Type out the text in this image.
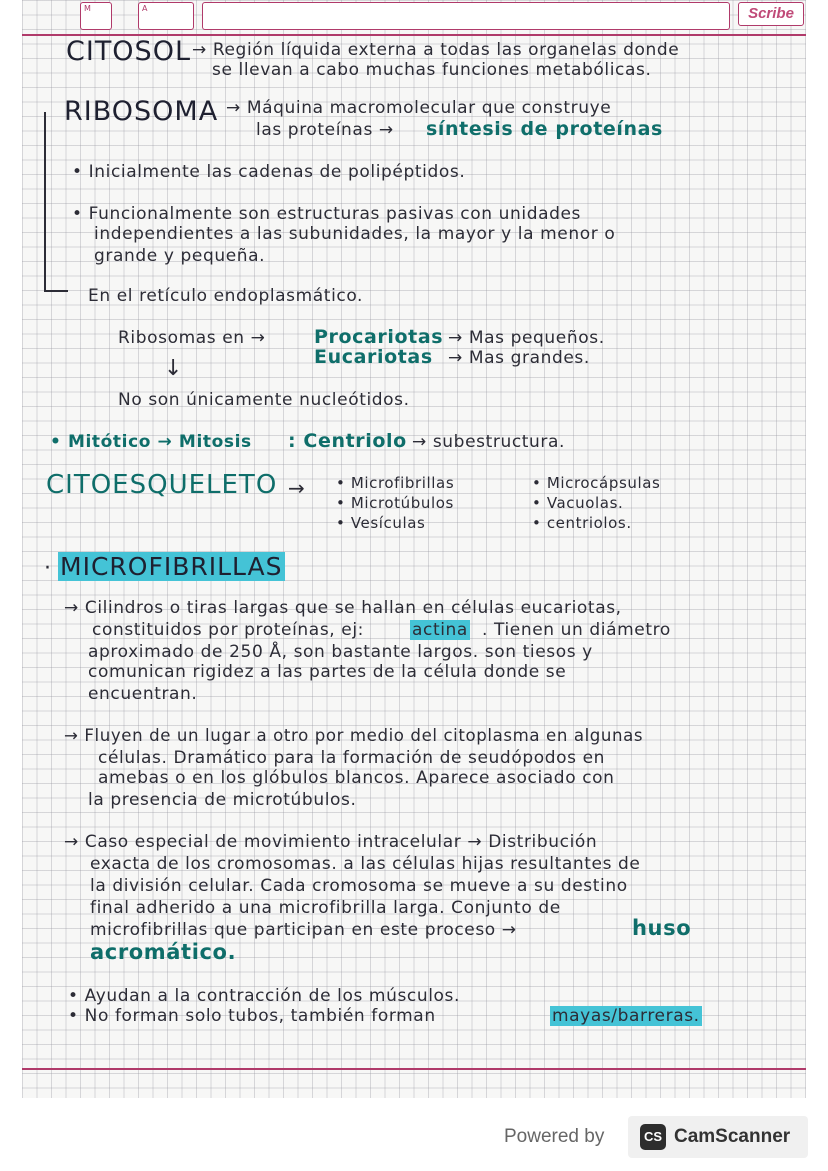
M	A	Scribe
CITOSOL → Región líquida externa a todas las organelas donde
se llevan a cabo muchas funciones metabólicas.
RIBOSOMA → Máquina macromolecular que construye
las proteínas → síntesis de proteínas
• Inicialmente las cadenas de polipéptidos.
• Funcionalmente son estructuras pasivas con unidades
independientes a las subunidades, la mayor y la menor o
grande y pequeña.
En el retículo endoplasmático.
Ribosomas en →	Procariotas → Mas pequeños.
Eucariotas → Mas grandes.
↓
No son únicamente nucleótidos.
• Mitótico → Mitosis : Centriolo → subestructura.
CITOESQUELETO → • Microfibrillas
• Microtúbulos
• Vesículas
• Microcápsulas
• Vacuolas.
• centriolos.
· MICROFIBRILLAS
→ Cilindros o tiras largas que se hallan en células eucariotas,
constituidos por proteínas, ej:	actina . Tienen un diámetro
aproximado de 250 Å, son bastante largos. son tiesos y
comunican rigidez a las partes de la célula donde se
encuentran.
→ Fluyen de un lugar a otro por medio del citoplasma en algunas
células. Dramático para la formación de seudópodos en
amebas o en los glóbulos blancos. Aparece asociado con
la presencia de microtúbulos.
→ Caso especial de movimiento intracelular → Distribución
exacta de los cromosomas. a las células hijas resultantes de
la división celular. Cada cromosoma se mueve a su destino
final adherido a una microfibrilla larga. Conjunto de
microfibrillas que participan en este proceso →	huso
acromático.
• Ayudan a la contracción de los músculos.
• No forman solo tubos, también forman	mayas/barreras.
Powered by	CS CamScanner
